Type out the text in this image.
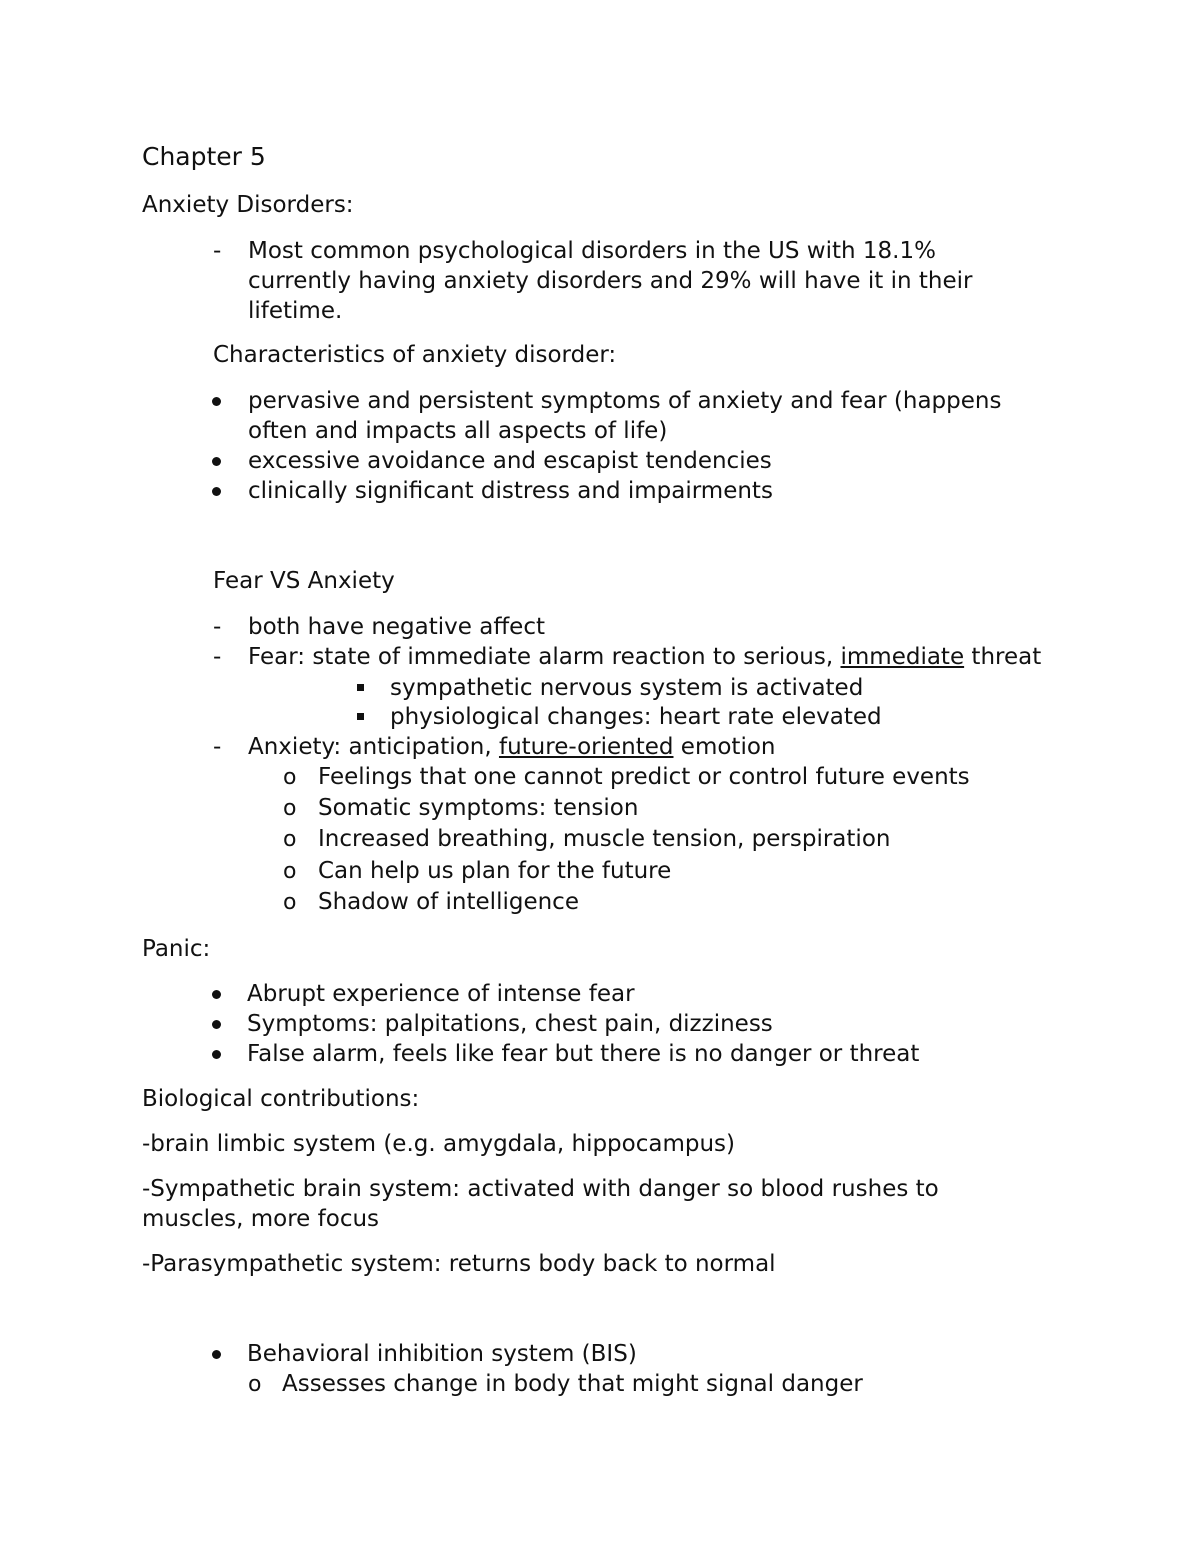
Chapter 5
Anxiety Disorders:
- Most common psychological disorders in the US with 18.1%
currently having anxiety disorders and 29% will have it in their
lifetime.
Characteristics of anxiety disorder:
pervasive and persistent symptoms of anxiety and fear (happens
often and impacts all aspects of life)
excessive avoidance and escapist tendencies
clinically significant distress and impairments
Fear VS Anxiety
- both have negative affect
- Fear: state of immediate alarm reaction to serious, immediate threat
sympathetic nervous system is activated
physiological changes: heart rate elevated
- Anxiety: anticipation, future-oriented emotion
o Feelings that one cannot predict or control future events
o Somatic symptoms: tension
o Increased breathing, muscle tension, perspiration
o Can help us plan for the future
o Shadow of intelligence
Panic:
Abrupt experience of intense fear
Symptoms: palpitations, chest pain, dizziness
False alarm, feels like fear but there is no danger or threat
Biological contributions:
-brain limbic system (e.g. amygdala, hippocampus)
-Sympathetic brain system: activated with danger so blood rushes to
muscles, more focus
-Parasympathetic system: returns body back to normal
Behavioral inhibition system (BIS)
o Assesses change in body that might signal danger
